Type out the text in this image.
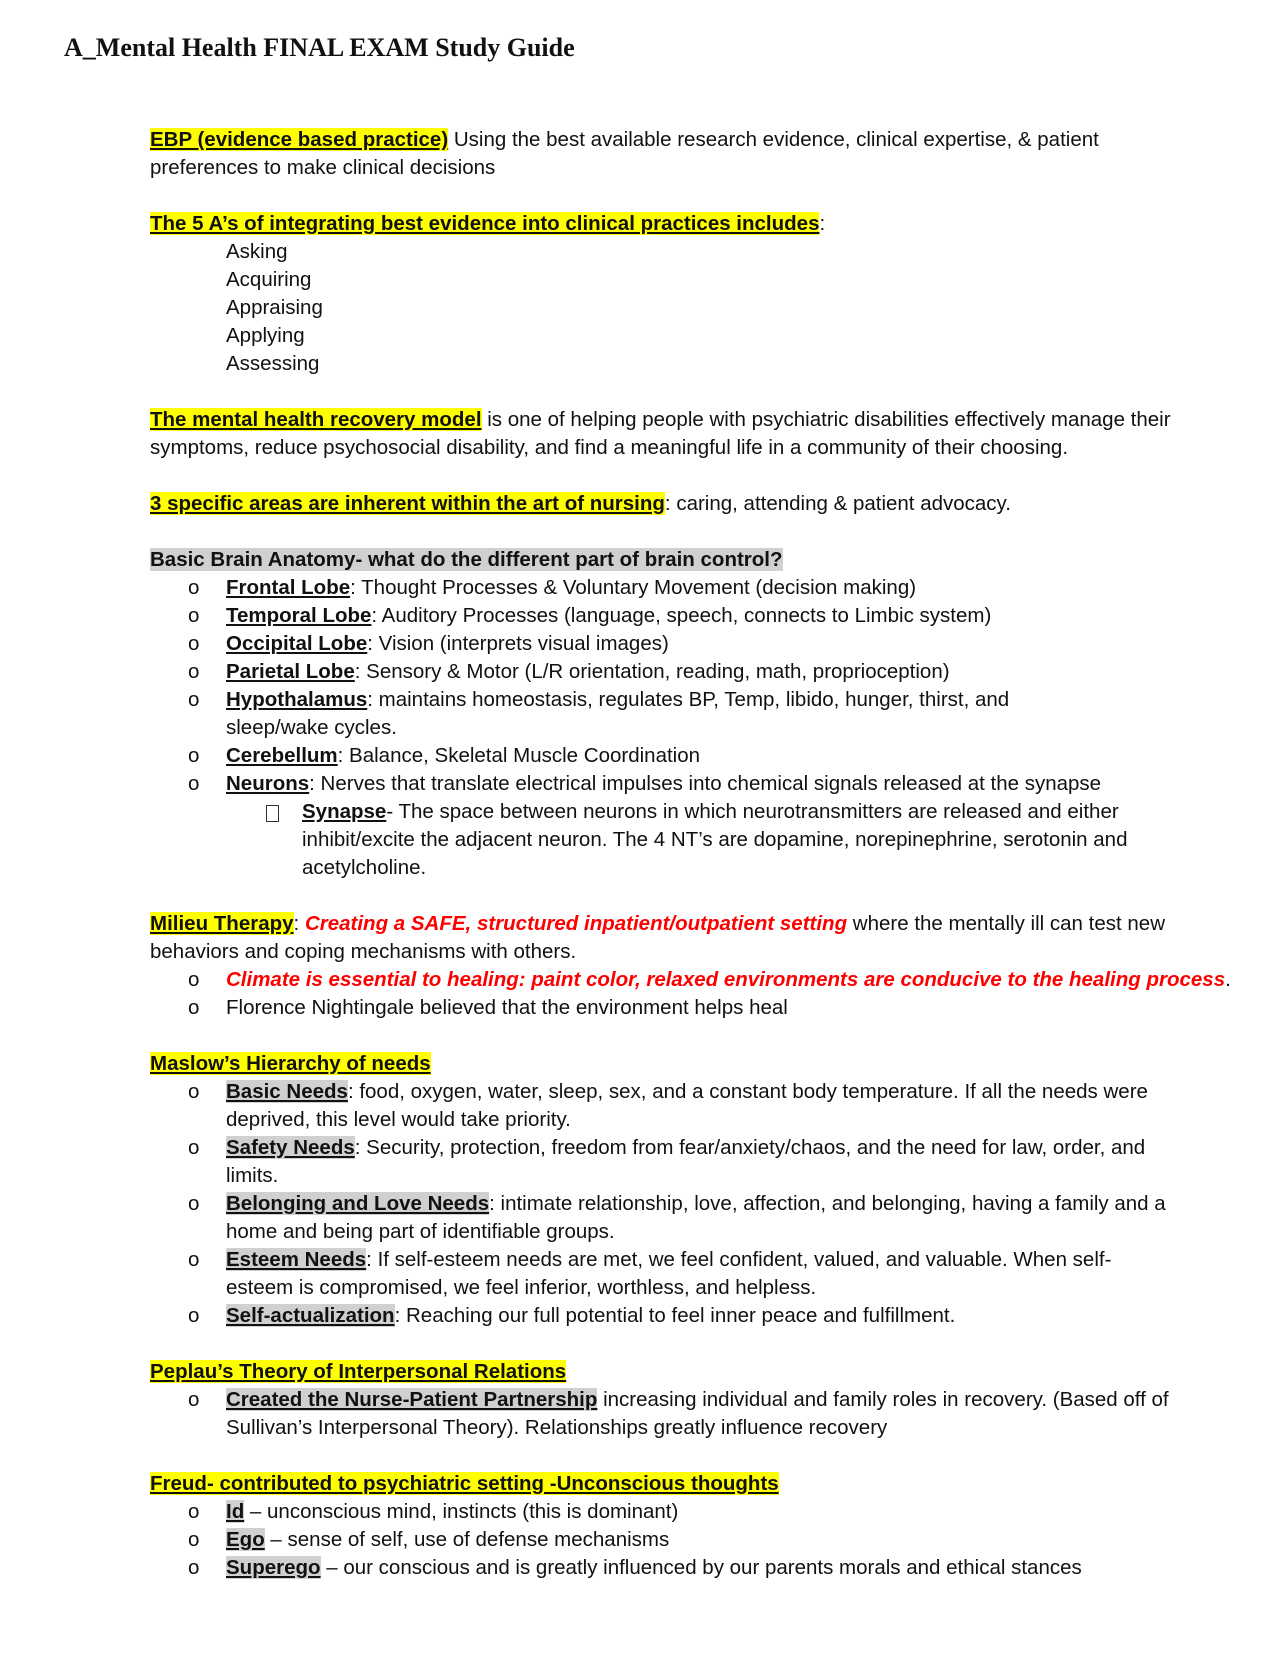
A_Mental Health FINAL EXAM Study Guide

EBP (evidence based practice) Using the best available research evidence, clinical expertise, & patient preferences to make clinical decisions

The 5 A’s of integrating best evidence into clinical practices includes:

Asking

Acquiring

Appraising

Applying

Assessing

The mental health recovery model is one of helping people with psychiatric disabilities effectively manage their symptoms, reduce psychosocial disability, and find a meaningful life in a community of their choosing.

3 specific areas are inherent within the art of nursing: caring, attending & patient advocacy.

Basic Brain Anatomy- what do the different part of brain control?

o Frontal Lobe: Thought Processes & Voluntary Movement (decision making)
o Temporal Lobe: Auditory Processes (language, speech, connects to Limbic system)
o Occipital Lobe: Vision (interprets visual images)
o Parietal Lobe: Sensory & Motor (L/R orientation, reading, math, proprioception)
o Hypothalamus: maintains homeostasis, regulates BP, Temp, libido, hunger, thirst, and sleep/wake cycles.
o Cerebellum: Balance, Skeletal Muscle Coordination
o Neurons: Nerves that translate electrical impulses into chemical signals released at the synapse
Synapse- The space between neurons in which neurotransmitters are released and either inhibit/excite the adjacent neuron. The 4 NT’s are dopamine, norepinephrine, serotonin and acetylcholine.

Milieu Therapy: Creating a SAFE, structured inpatient/outpatient setting where the mentally ill can test new behaviors and coping mechanisms with others.

o Climate is essential to healing: paint color, relaxed environments are conducive to the healing process.
o Florence Nightingale believed that the environment helps heal

Maslow’s Hierarchy of needs

o Basic Needs: food, oxygen, water, sleep, sex, and a constant body temperature. If all the needs were deprived, this level would take priority.
o Safety Needs: Security, protection, freedom from fear/anxiety/chaos, and the need for law, order, and limits.
o Belonging and Love Needs: intimate relationship, love, affection, and belonging, having a family and a home and being part of identifiable groups.
o Esteem Needs: If self-esteem needs are met, we feel confident, valued, and valuable. When self-esteem is compromised, we feel inferior, worthless, and helpless.
o Self-actualization: Reaching our full potential to feel inner peace and fulfillment.

Peplau’s Theory of Interpersonal Relations

o Created the Nurse-Patient Partnership increasing individual and family roles in recovery. (Based off of Sullivan’s Interpersonal Theory). Relationships greatly influence recovery

Freud- contributed to psychiatric setting -Unconscious thoughts

o Id – unconscious mind, instincts (this is dominant)
o Ego – sense of self, use of defense mechanisms
o Superego – our conscious and is greatly influenced by our parents morals and ethical stances
